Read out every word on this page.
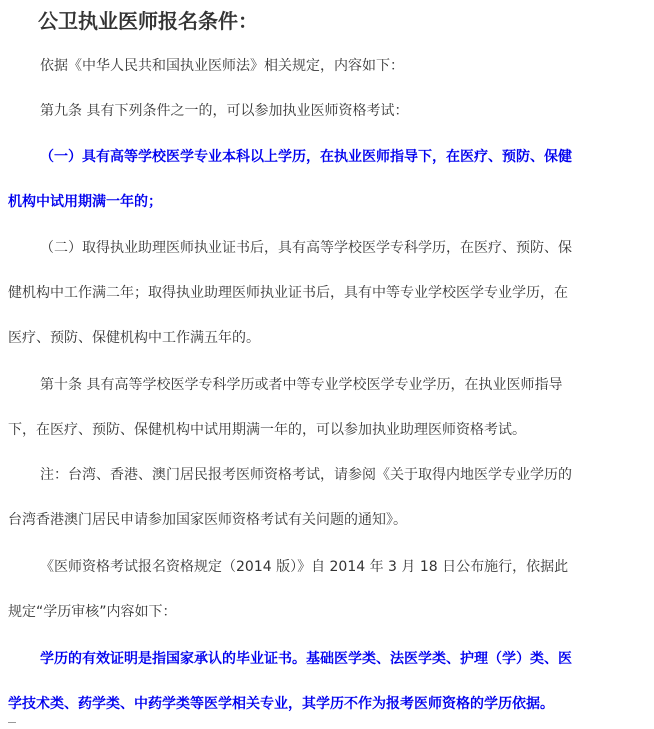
公卫执业医师报名条件：
依据《中华人民共和国执业医师法》相关规定，内容如下：
第九条 具有下列条件之一的，可以参加执业医师资格考试：
（一）具有高等学校医学专业本科以上学历，在执业医师指导下，在医疗、预防、保健
机构中试用期满一年的；
（二）取得执业助理医师执业证书后，具有高等学校医学专科学历，在医疗、预防、保
健机构中工作满二年；取得执业助理医师执业证书后，具有中等专业学校医学专业学历，在
医疗、预防、保健机构中工作满五年的。
第十条 具有高等学校医学专科学历或者中等专业学校医学专业学历，在执业医师指导
下，在医疗、预防、保健机构中试用期满一年的，可以参加执业助理医师资格考试。
注：台湾、香港、澳门居民报考医师资格考试，请参阅《关于取得内地医学专业学历的
台湾香港澳门居民申请参加国家医师资格考试有关问题的通知》。
《医师资格考试报名资格规定（2014 版）》自 2014 年 3 月 18 日公布施行，依据此
规定“学历审核”内容如下：
学历的有效证明是指国家承认的毕业证书。基础医学类、法医学类、护理（学）类、医
学技术类、药学类、中药学类等医学相关专业，其学历不作为报考医师资格的学历依据。
